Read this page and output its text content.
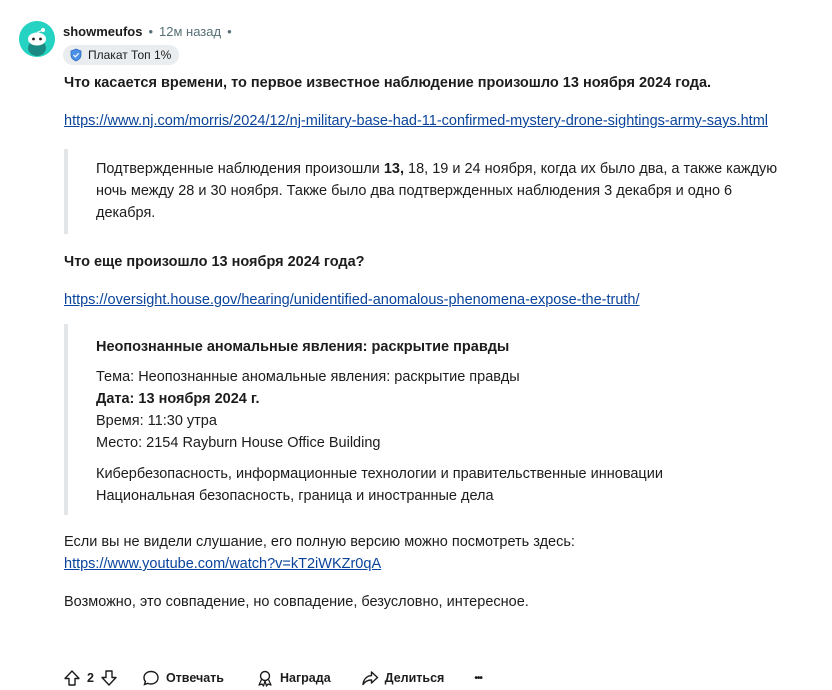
showmeufos • 12м назад •
Плакат Топ 1%

Что касается времени, то первое известное наблюдение произошло 13 ноября 2024 года.

https://www.nj.com/morris/2024/12/nj-military-base-had-11-confirmed-mystery-drone-sightings-army-says.html
Подтвержденные наблюдения произошли 13, 18, 19 и 24 ноября, когда их было два, а также каждую ночь между 28 и 30 ноября. Также было два подтвержденных наблюдения 3 декабря и одно 6 декабря.

Что еще произошло 13 ноября 2024 года?

https://oversight.house.gov/hearing/unidentified-anomalous-phenomena-expose-the-truth/
Неопознанные аномальные явления: раскрытие правды
Тема: Неопознанные аномальные явления: раскрытие правды
Дата: 13 ноября 2024 г.
Время: 11:30 утра
Место: 2154 Rayburn House Office Building
Кибербезопасность, информационные технологии и правительственные инновации
Национальная безопасность, граница и иностранные дела

Если вы не видели слушание, его полную версию можно посмотреть здесь:

https://www.youtube.com/watch?v=kT2iWKZr0qA

Возможно, это совпадение, но совпадение, безусловно, интересное.

2	Отвечать	Награда	Делиться	•••
